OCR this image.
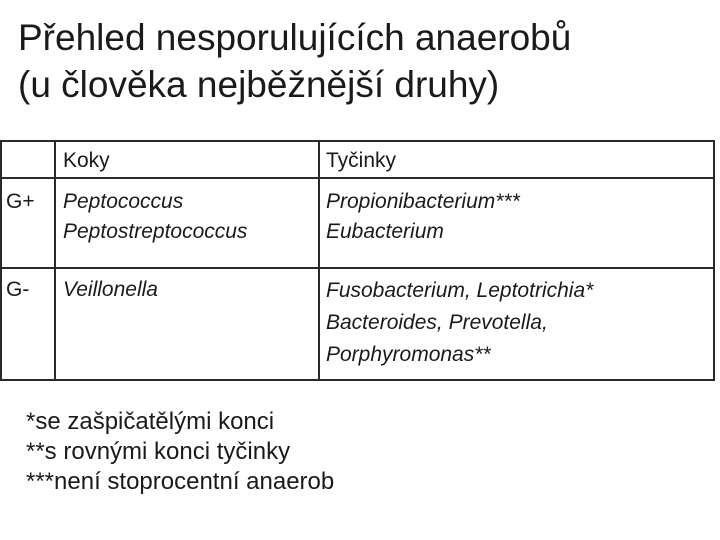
Přehled nesporulujících anaerobů
(u člověka nejběžnější druhy)

Koky	Tyčinky

G+ Peptococcus
Peptostreptococcus

Propionibacterium***
Eubacterium

G- Veillonella	Fusobacterium, Leptotrichia*
Bacteroides, Prevotella,
Porphyromonas**

*se zašpičatělými konci
**s rovnými konci tyčinky
***není stoprocentní anaerob
